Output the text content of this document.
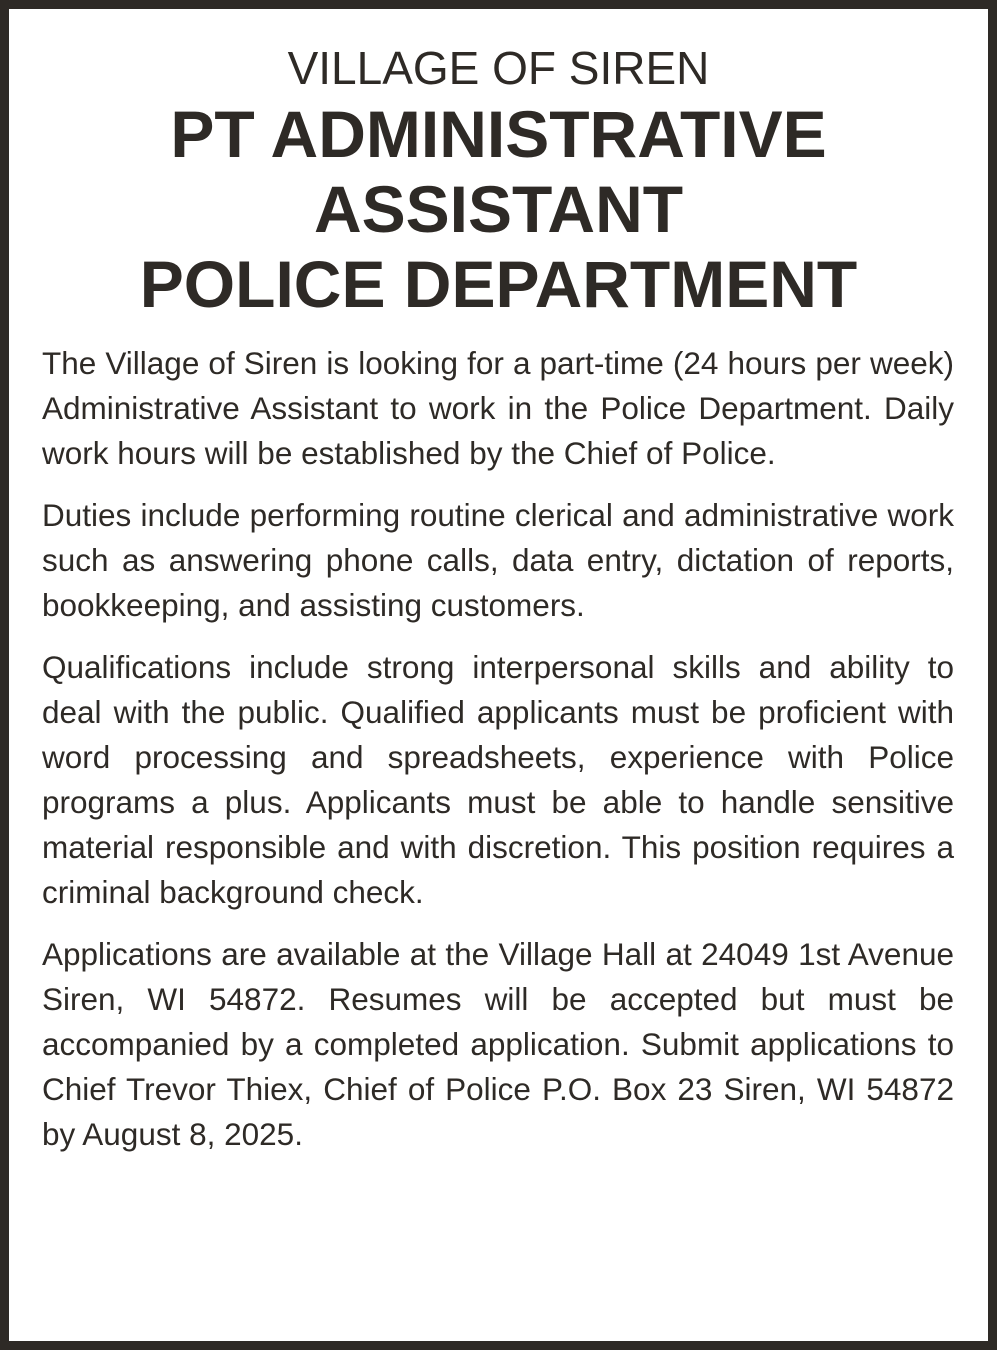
VILLAGE OF SIREN
PT ADMINISTRATIVE
ASSISTANT
POLICE DEPARTMENT

The Village of Siren is looking for a part-time (24 hours per week) Administrative Assistant to work in the Police Department. Daily work hours will be established by the Chief of Police.

Duties include performing routine clerical and administrative work such as answering phone calls, data entry, dictation of reports, bookkeeping, and assisting customers.

Qualifications include strong interpersonal skills and ability to deal with the public. Qualified applicants must be proficient with word processing and spreadsheets, experience with Police programs a plus. Applicants must be able to handle sensitive material responsible and with discretion. This position requires a criminal background check.

Applications are available at the Village Hall at 24049 1st Avenue Siren, WI 54872. Resumes will be accepted but must be accompanied by a completed application. Submit applications to Chief Trevor Thiex, Chief of Police P.O. Box 23 Siren, WI 54872 by August 8, 2025.
